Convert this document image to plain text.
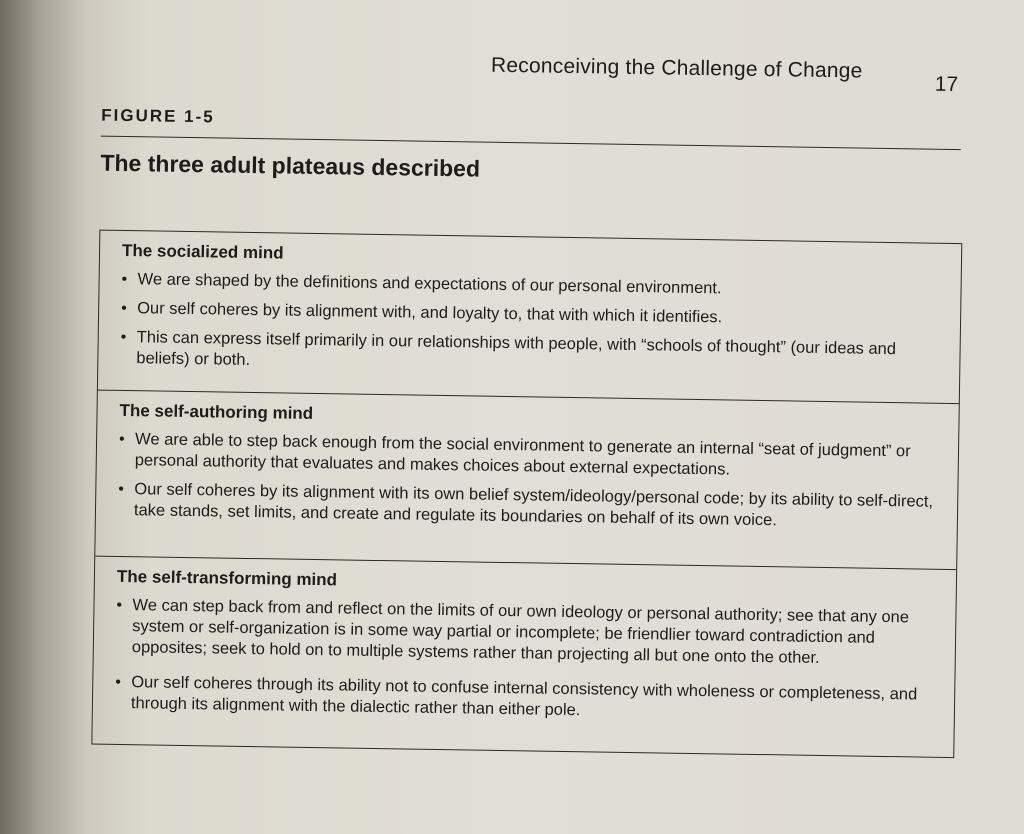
Reconceiving the Challenge of Change
17
FIGURE 1-5
The three adult plateaus described
The socialized mind
• We are shaped by the definitions and expectations of our personal environment.
• Our self coheres by its alignment with, and loyalty to, that with which it identifies.
• This can express itself primarily in our relationships with people, with “schools of thought” (our ideas and beliefs) or both.
The self-authoring mind
• We are able to step back enough from the social environment to generate an internal “seat of judgment” or personal authority that evaluates and makes choices about external expectations.
• Our self coheres by its alignment with its own belief system/ideology/personal code; by its ability to self-direct, take stands, set limits, and create and regulate its boundaries on behalf of its own voice.
The self-transforming mind
• We can step back from and reflect on the limits of our own ideology or personal authority; see that any one system or self-organization is in some way partial or incomplete; be friendlier toward contradiction and opposites; seek to hold on to multiple systems rather than projecting all but one onto the other.
• Our self coheres through its ability not to confuse internal consistency with wholeness or completeness, and through its alignment with the dialectic rather than either pole.
